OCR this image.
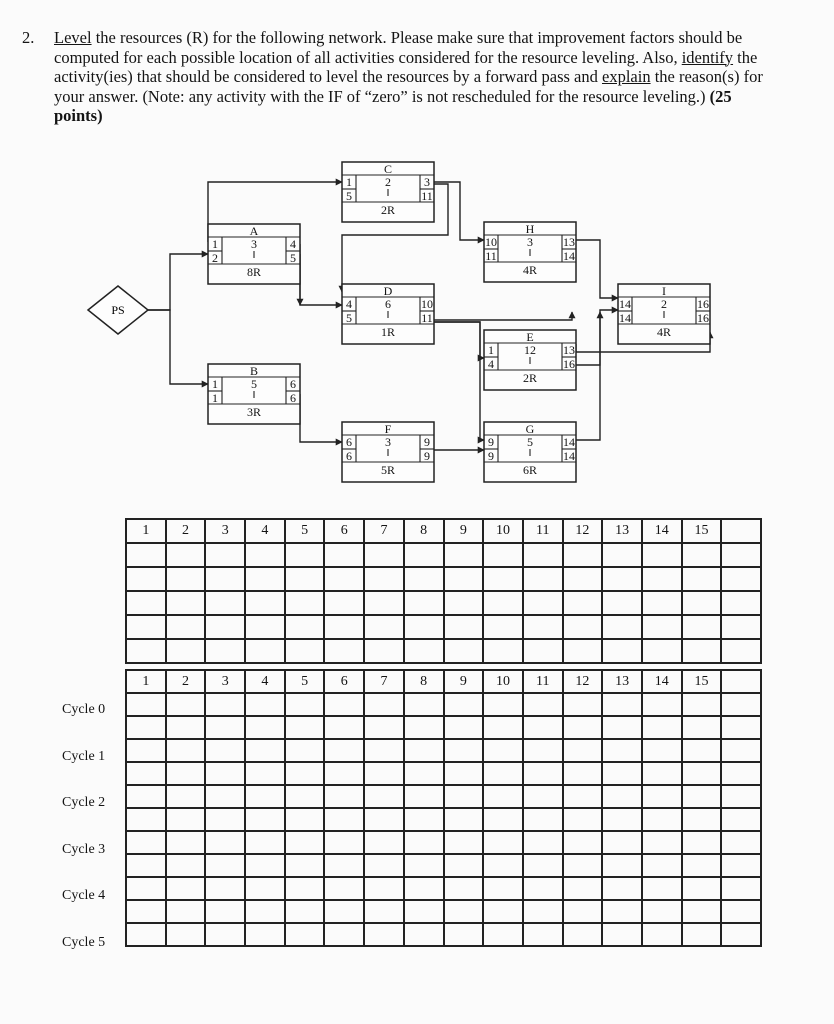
2. Level the resources (R) for the following network. Please make sure that improvement factors should be computed for each possible location of all activities considered for the resource leveling. Also, identify the activity(ies) that should be considered to level the resources by a forward pass and explain the reason(s) for your answer. (Note: any activity with the IF of “zero” is not rescheduled for the resource leveling.) (25 points)
A
1	3	4
2	5
8R
B
1	5	6
1	6
3R
C
1	2	3
5	11
2R
D
4	6	10
5	11
1R	E
1	12 13
4	16
2R
F
6	3	9
6	9
5R
G
9	5	14
9	14
6R
H
10	3	13
11	14
4R
I
14	2	16
14	16
4R
PS
1	2	3	4	5	6	7	8	9	10	11	12	13	14	15	

1	2	3	4	5	6	7	8	9	10	11	12	13	14	15	

Cycle 0
Cycle 1
Cycle 2
Cycle 3
Cycle 4
Cycle 5
